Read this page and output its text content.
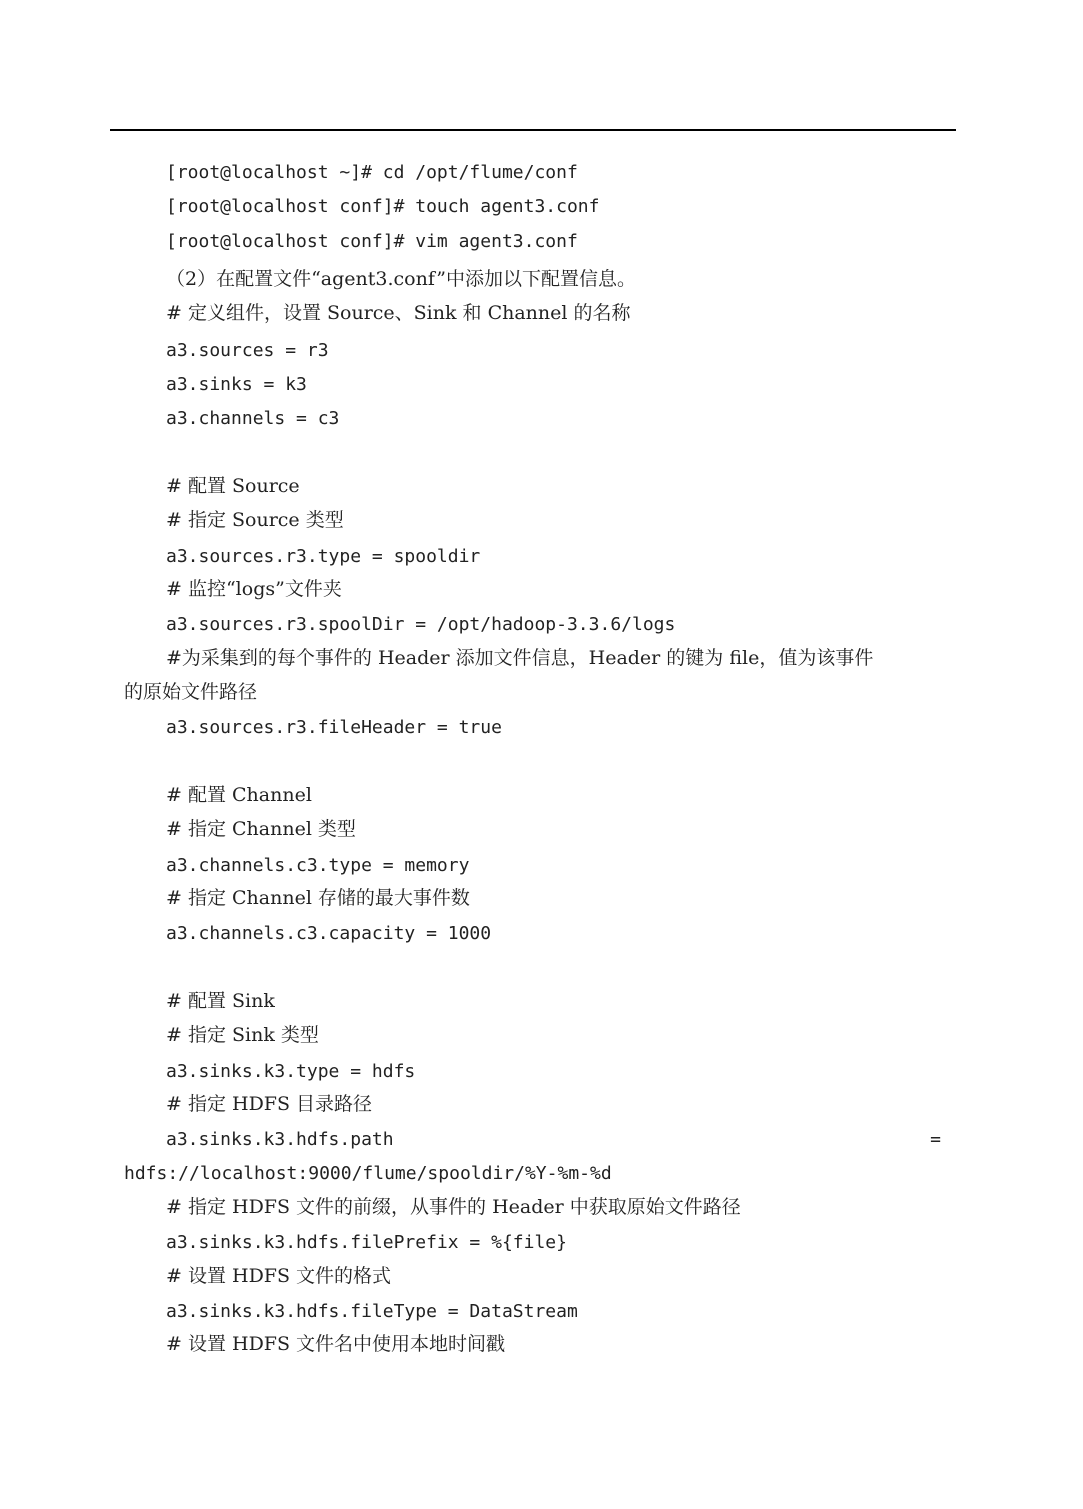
[root@localhost ~]# cd /opt/flume/conf
[root@localhost conf]# touch agent3.conf
[root@localhost conf]# vim agent3.conf
（2）在配置文件“agent3.conf”中添加以下配置信息。
# 定义组件，设置 Source、Sink 和 Channel 的名称
a3.sources = r3
a3.sinks = k3
a3.channels = c3
# 配置 Source
# 指定 Source 类型
a3.sources.r3.type = spooldir
# 监控“logs”文件夹
a3.sources.r3.spoolDir = /opt/hadoop-3.3.6/logs
#为采集到的每个事件的 Header 添加文件信息，Header 的键为 file，值为该事件
的原始文件路径
a3.sources.r3.fileHeader = true
# 配置 Channel
# 指定 Channel 类型
a3.channels.c3.type = memory
# 指定 Channel 存储的最大事件数
a3.channels.c3.capacity = 1000
# 配置 Sink
# 指定 Sink 类型
a3.sinks.k3.type = hdfs
# 指定 HDFS 目录路径
a3.sinks.k3.hdfs.path	=
hdfs://localhost:9000/flume/spooldir/%Y-%m-%d
# 指定 HDFS 文件的前缀，从事件的 Header 中获取原始文件路径
a3.sinks.k3.hdfs.filePrefix = %{file}
# 设置 HDFS 文件的格式
a3.sinks.k3.hdfs.fileType = DataStream
# 设置 HDFS 文件名中使用本地时间戳
